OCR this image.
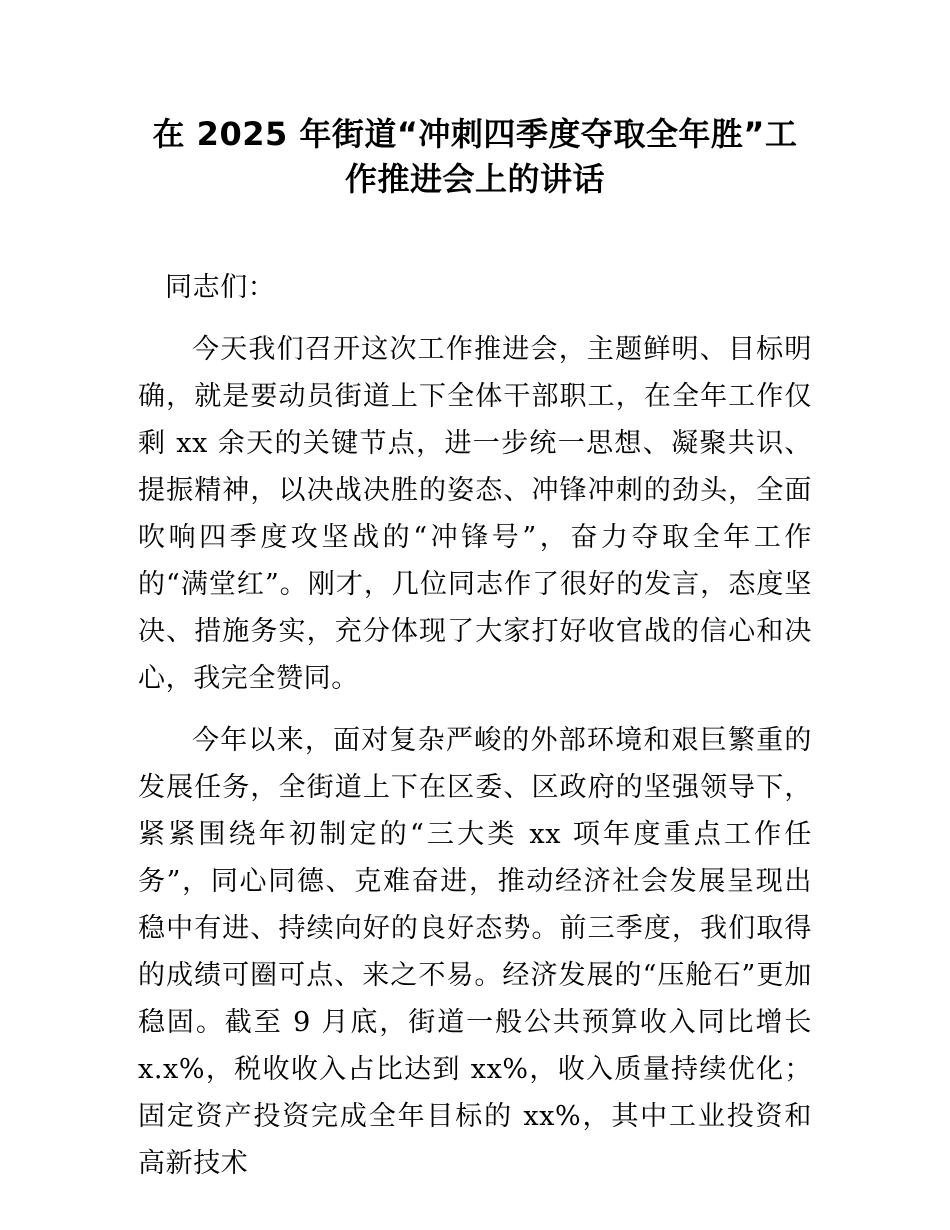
在 2025 年街道“冲刺四季度夺取全年胜”工
作推进会上的讲话

同志们：

今天我们召开这次工作推进会，主题鲜明、目标明确，就是要动员街道上下全体干部职工，在全年工作仅剩 xx 余天的关键节点，进一步统一思想、凝聚共识、提振精神，以决战决胜的姿态、冲锋冲刺的劲头，全面吹响四季度攻坚战的“冲锋号”，奋力夺取全年工作的“满堂红”。刚才，几位同志作了很好的发言，态度坚决、措施务实，充分体现了大家打好收官战的信心和决心，我完全赞同。

今年以来，面对复杂严峻的外部环境和艰巨繁重的发展任务，全街道上下在区委、区政府的坚强领导下，紧紧围绕年初制定的“三大类 xx 项年度重点工作任务”，同心同德、克难奋进，推动经济社会发展呈现出稳中有进、持续向好的良好态势。前三季度，我们取得的成绩可圈可点、来之不易。经济发展的“压舱石”更加稳固。截至 9 月底，街道一般公共预算收入同比增长 x.x%，税收收入占比达到 xx%，收入质量持续优化；固定资产投资完成全年目标的 xx%，其中工业投资和高新技术
